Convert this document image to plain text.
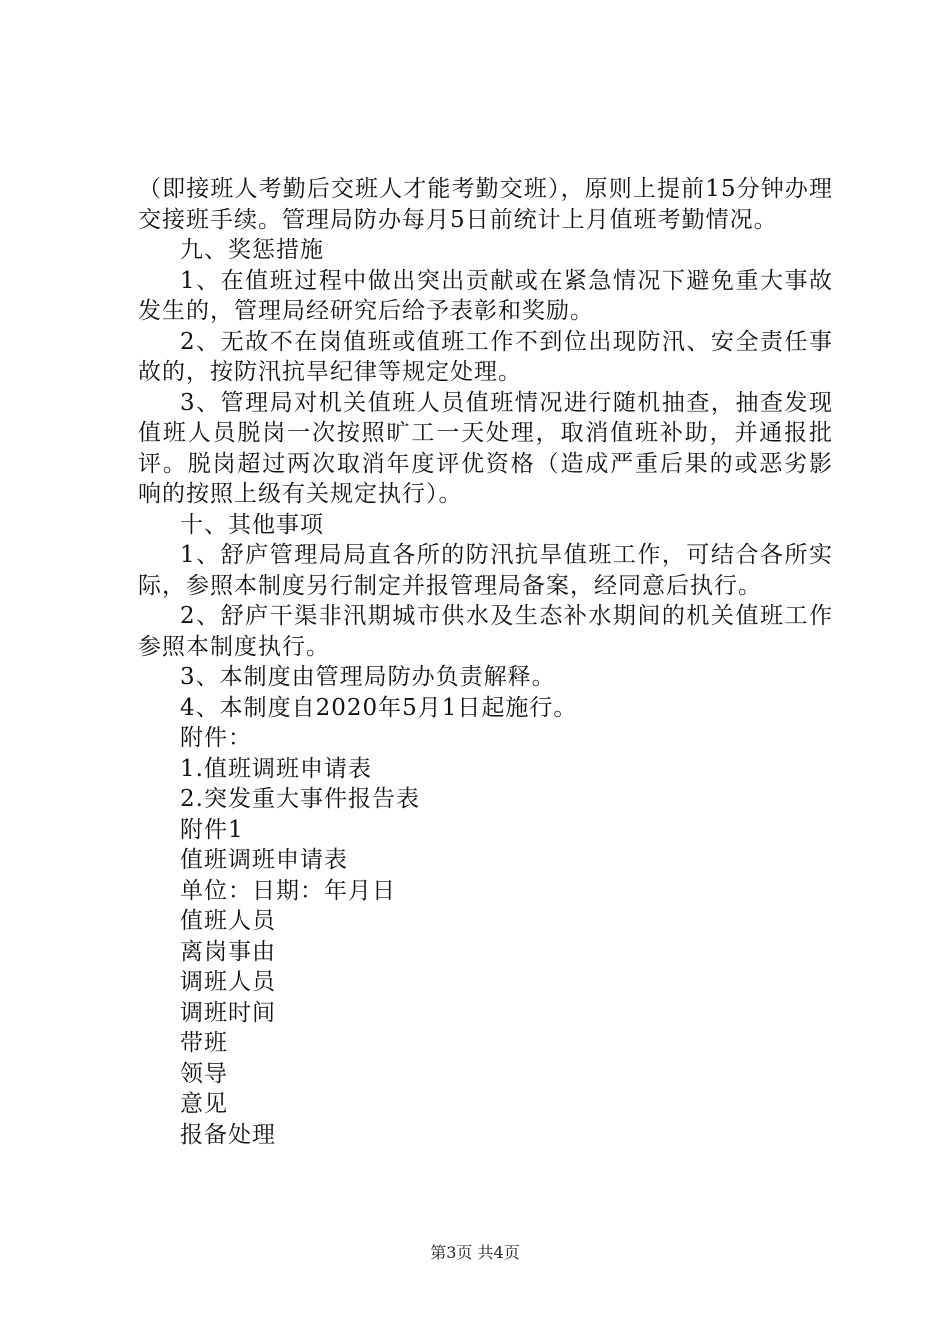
（即接班人考勤后交班人才能考勤交班），原则上提前15分钟办理交接班手续。管理局防办每月5日前统计上月值班考勤情况。

九、奖惩措施

1、在值班过程中做出突出贡献或在紧急情况下避免重大事故发生的，管理局经研究后给予表彰和奖励。

2、无故不在岗值班或值班工作不到位出现防汛、安全责任事故的，按防汛抗旱纪律等规定处理。

3、管理局对机关值班人员值班情况进行随机抽查，抽查发现值班人员脱岗一次按照旷工一天处理，取消值班补助，并通报批评。脱岗超过两次取消年度评优资格（造成严重后果的或恶劣影响的按照上级有关规定执行）。

十、其他事项

1、舒庐管理局局直各所的防汛抗旱值班工作，可结合各所实际，参照本制度另行制定并报管理局备案，经同意后执行。

2、舒庐干渠非汛期城市供水及生态补水期间的机关值班工作参照本制度执行。

3、本制度由管理局防办负责解释。

4、本制度自2020年5月1日起施行。

附件：

1.值班调班申请表

2.突发重大事件报告表

附件1

值班调班申请表

单位：日期：年月日

值班人员

离岗事由

调班人员

调班时间

带班

领导

意见

报备处理

第3页 共4页
